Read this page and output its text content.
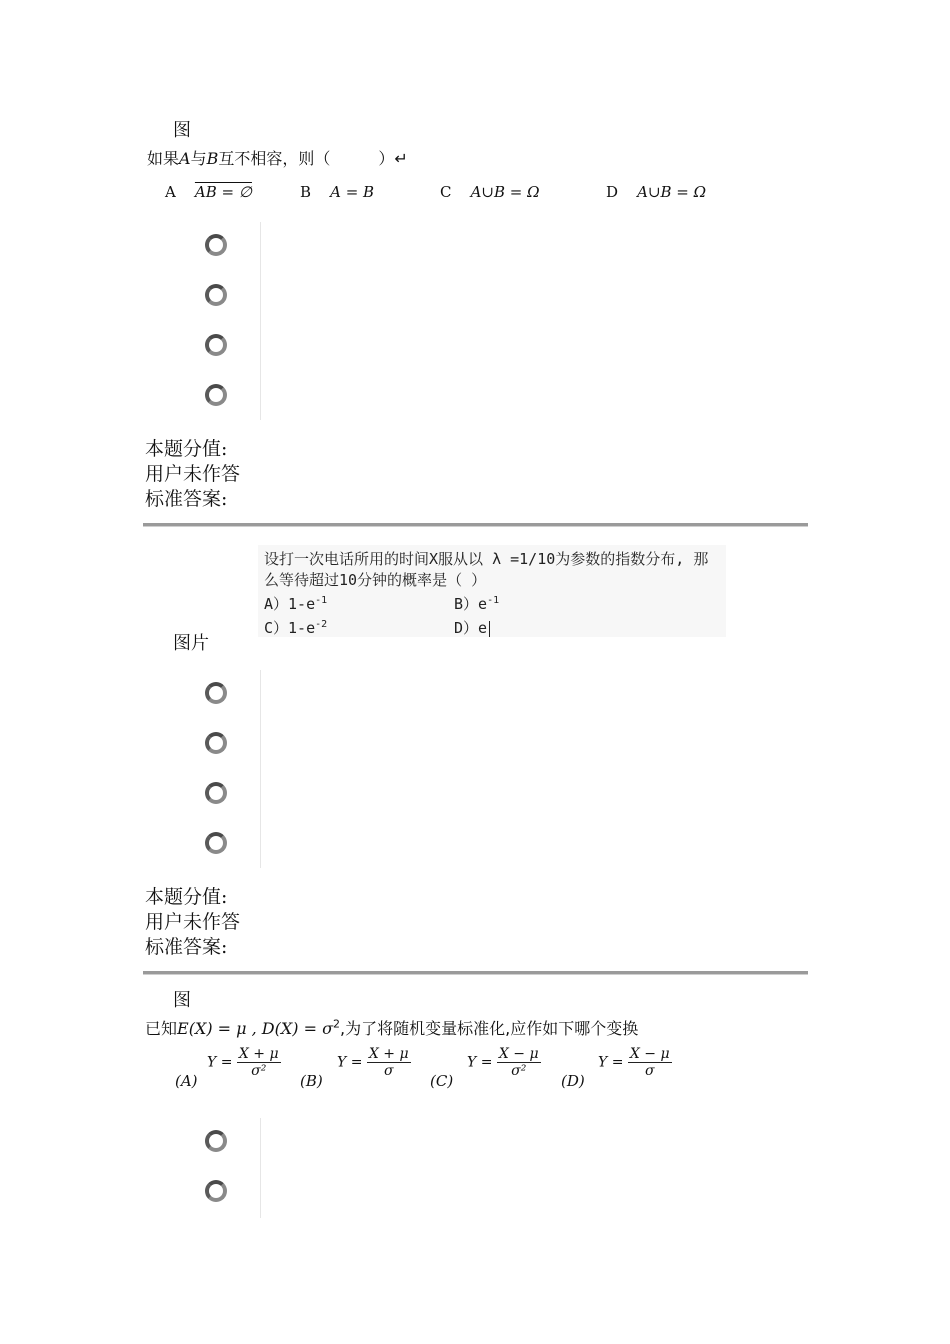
图
如果A与B互不相容，则（　　　）↵
A AB = ∅	B A = B	C A∪B = Ω	D A∪B = Ω
本题分值:
用户未作答
标准答案:
设打一次电话所用的时间X服从以 λ =1/10为参数的指数分布, 那
么等待超过10分钟的概率是（ ）
$A)1-e^{-1}$	$B)e^{-1}$
$C)1-e^{-2}$	D）e
图片
本题分值:
用户未作答
标准答案:
图
已知E(X) = μ , $D(X) = \sigma^2$,为了将随机变量标准化,应作如下哪个变换
(A)
$Y = \frac{X + \mu}{\text{σ²}}$
(B)
$Y = \frac{X + \mu}{\sigma}$
(C)
$Y = \frac{X - \mu}{\text{σ²}}$
(D)
$Y = \frac{X - \mu}{\sigma}$
